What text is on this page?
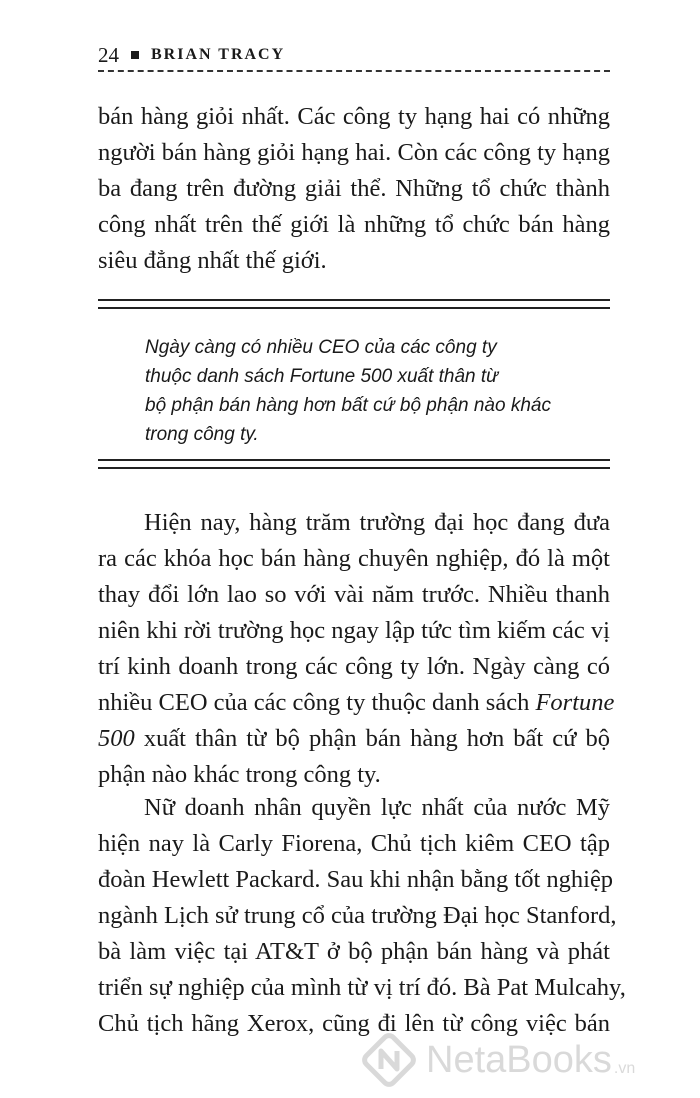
24 BRIAN TRACY

bán hàng giỏi nhất. Các công ty hạng hai có những
người bán hàng giỏi hạng hai. Còn các công ty hạng
ba đang trên đường giải thể. Những tổ chức thành
công nhất trên thế giới là những tổ chức bán hàng
siêu đẳng nhất thế giới.

Ngày càng có nhiều CEO của các công ty
thuộc danh sách Fortune 500 xuất thân từ
bộ phận bán hàng hơn bất cứ bộ phận nào khác
trong công ty.

Hiện nay, hàng trăm trường đại học đang đưa
ra các khóa học bán hàng chuyên nghiệp, đó là một
thay đổi lớn lao so với vài năm trước. Nhiều thanh
niên khi rời trường học ngay lập tức tìm kiếm các vị
trí kinh doanh trong các công ty lớn. Ngày càng có
nhiều CEO của các công ty thuộc danh sách Fortune
500 xuất thân từ bộ phận bán hàng hơn bất cứ bộ
phận nào khác trong công ty.

Nữ doanh nhân quyền lực nhất của nước Mỹ
hiện nay là Carly Fiorena, Chủ tịch kiêm CEO tập
đoàn Hewlett Packard. Sau khi nhận bằng tốt nghiệp
ngành Lịch sử trung cổ của trường Đại học Stanford,
bà làm việc tại AT&T ở bộ phận bán hàng và phát
triển sự nghiệp của mình từ vị trí đó. Bà Pat Mulcahy,
Chủ tịch hãng Xerox, cũng đi lên từ công việc bán

NetaBooks .vn
